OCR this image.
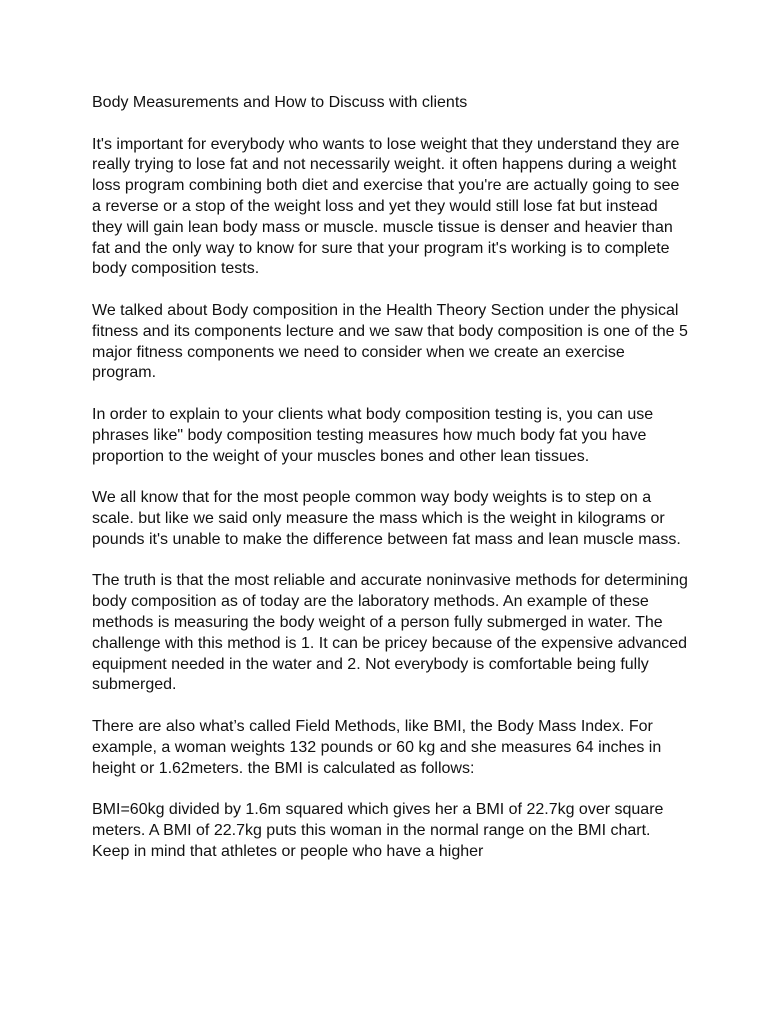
Body Measurements and How to Discuss with clients

It's important for everybody who wants to lose weight that they understand they are really trying to lose fat and not necessarily weight. it often happens during a weight loss program combining both diet and exercise that you're are actually going to see a reverse or a stop of the weight loss and yet they would still lose fat but instead they will gain lean body mass or muscle. muscle tissue is denser and heavier than fat and the only way to know for sure that your program it's working is to complete body composition tests.

We talked about Body composition in the Health Theory Section under the physical fitness and its components lecture and we saw that body composition is one of the 5 major fitness components we need to consider when we create an exercise program.

In order to explain to your clients what body composition testing is, you can use phrases like" body composition testing measures how much body fat you have proportion to the weight of your muscles bones and other lean tissues.

We all know that for the most people common way body weights is to step on a scale. but like we said only measure the mass which is the weight in kilograms or pounds it's unable to make the difference between fat mass and lean muscle mass.

The truth is that the most reliable and accurate noninvasive methods for determining body composition as of today are the laboratory methods. An example of these methods is measuring the body weight of a person fully submerged in water. The challenge with this method is 1. It can be pricey because of the expensive advanced equipment needed in the water and 2. Not everybody is comfortable being fully submerged.

There are also what’s called Field Methods, like BMI, the Body Mass Index. For example, a woman weights 132 pounds or 60 kg and she measures 64 inches in height or 1.62meters. the BMI is calculated as follows:

BMI=60kg divided by 1.6m squared which gives her a BMI of 22.7kg over square meters. A BMI of 22.7kg puts this woman in the normal range on the BMI chart. Keep in mind that athletes or people who have a higher
